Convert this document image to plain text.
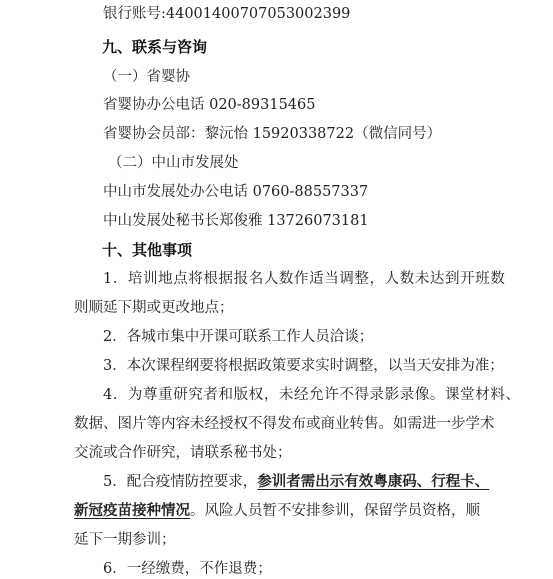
银行账号:44001400707053002399
九、联系与咨询
（一）省婴协
省婴协办公电话 020-89315465
省婴协会员部：黎沅怡 15920338722（微信同号）
（二）中山市发展处
中山市发展处办公电话 0760-88557337
中山发展处秘书长郑俊雅 13726073181
十、其他事项
1．培训地点将根据报名人数作适当调整，人数未达到开班数
则顺延下期或更改地点；
2．各城市集中开课可联系工作人员洽谈；
3．本次课程纲要将根据政策要求实时调整，以当天安排为准；
4．为尊重研究者和版权，未经允许不得录影录像。课堂材料、
数据、图片等内容未经授权不得发布或商业转售。如需进一步学术
交流或合作研究，请联系秘书处；
5．配合疫情防控要求，参训者需出示有效粤康码、行程卡、
新冠疫苗接种情况。风险人员暂不安排参训，保留学员资格，顺
延下一期参训；
6．一经缴费，不作退费；
